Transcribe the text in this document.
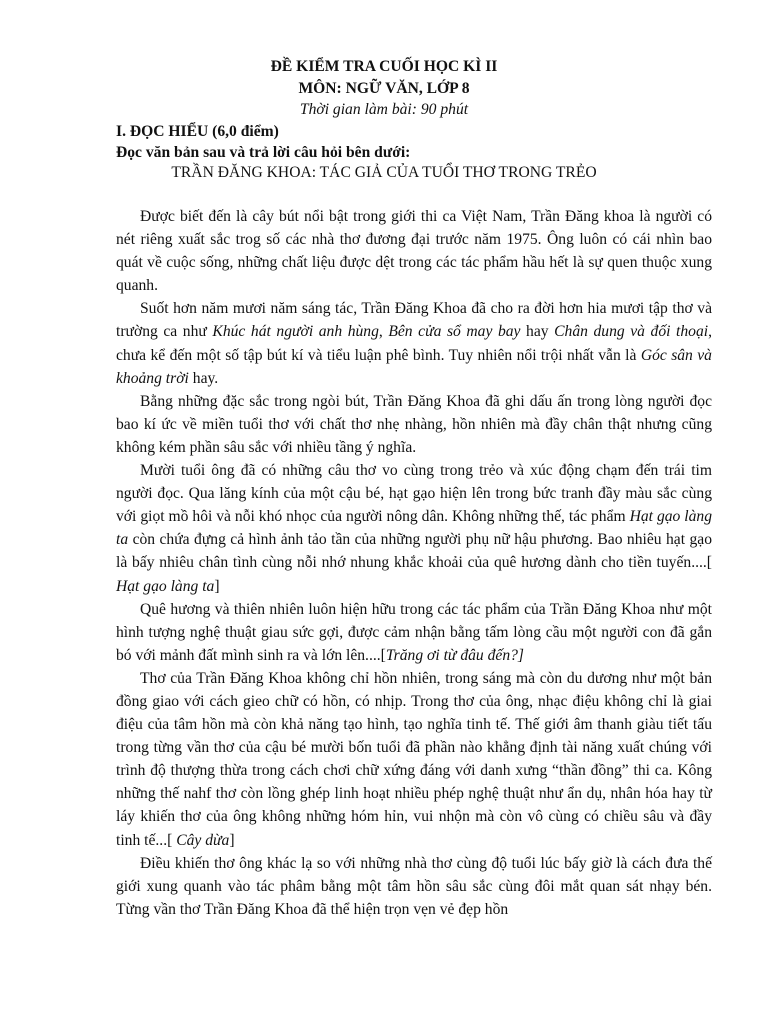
ĐỀ KIỂM TRA CUỐI HỌC KÌ II
MÔN: NGỮ VĂN, LỚP 8
Thời gian làm bài: 90 phút
I. ĐỌC HIỂU (6,0 điểm)
Đọc văn bản sau và trả lời câu hỏi bên dưới:
TRẦN ĐĂNG KHOA: TÁC GIẢ CỦA TUỔI THƠ TRONG TRẺO

Được biết đến là cây bút nổi bật trong giới thi ca Việt Nam, Trần Đăng khoa là người có nét riêng xuất sắc trog số các nhà thơ đương đại trước năm 1975. Ông luôn có cái nhìn bao quát về cuộc sống, những chất liệu được dệt trong các tác phẩm hầu hết là sự quen thuộc xung quanh.

Suốt hơn năm mươi năm sáng tác, Trần Đăng Khoa đã cho ra đời hơn hia mươi tập thơ và trường ca như Khúc hát người anh hùng, Bên cửa sổ may bay hay Chân dung và đối thoại, chưa kể đến một số tập bút kí và tiểu luận phê bình. Tuy nhiên nổi trội nhất vẫn là Góc sân và khoảng trời hay.

Bằng những đặc sắc trong ngòi bút, Trần Đăng Khoa đã ghi dấu ấn trong lòng người đọc bao kí ức về miền tuổi thơ với chất thơ nhẹ nhàng, hồn nhiên mà đầy chân thật nhưng cũng không kém phần sâu sắc với nhiều tầng ý nghĩa.

Mười tuổi ông đã có những câu thơ vo cùng trong trẻo và xúc động chạm đến trái tim người đọc. Qua lăng kính của một cậu bé, hạt gạo hiện lên trong bức tranh đầy màu sắc cùng với giọt mồ hôi và nỗi khó nhọc của người nông dân. Không những thế, tác phẩm Hạt gạo làng ta còn chứa đựng cả hình ảnh tảo tần của những người phụ nữ hậu phương. Bao nhiêu hạt gạo là bấy nhiêu chân tình cùng nỗi nhớ nhung khắc khoải của quê hương dành cho tiền tuyến....[ Hạt gạo làng ta]

Quê hương và thiên nhiên luôn hiện hữu trong các tác phẩm của Trần Đăng Khoa như một hình tượng nghệ thuật giau sức gợi, được cảm nhận bằng tấm lòng cầu một người con đã gắn bó với mảnh đất mình sinh ra và lớn lên....[Trăng ơi từ đâu đến?]

Thơ của Trần Đăng Khoa không chỉ hồn nhiên, trong sáng mà còn du dương như một bản đồng giao với cách gieo chữ có hồn, có nhịp. Trong thơ của ông, nhạc điệu không chỉ là giai điệu của tâm hồn mà còn khả năng tạo hình, tạo nghĩa tinh tế. Thế giới âm thanh giàu tiết tấu trong từng vần thơ của cậu bé mười bốn tuổi đã phần nào khẳng định tài năng xuất chúng với trình độ thượng thừa trong cách chơi chữ xứng đáng với danh xưng “thần đồng” thi ca. Kông những thế nahf thơ còn lồng ghép linh hoạt nhiều phép nghệ thuật như ẩn dụ, nhân hóa hay từ láy khiến thơ của ông không những hóm hỉn, vui nhộn mà còn vô cùng có chiều sâu và đầy tinh tế...[ Cây dừa]

Điều khiến thơ ông khác lạ so với những nhà thơ cùng độ tuổi lúc bấy giờ là cách đưa thế giới xung quanh vào tác phâm bằng một tâm hồn sâu sắc cùng đôi mắt quan sát nhạy bén. Từng vần thơ Trần Đăng Khoa đã thể hiện trọn vẹn vẻ đẹp hồn
